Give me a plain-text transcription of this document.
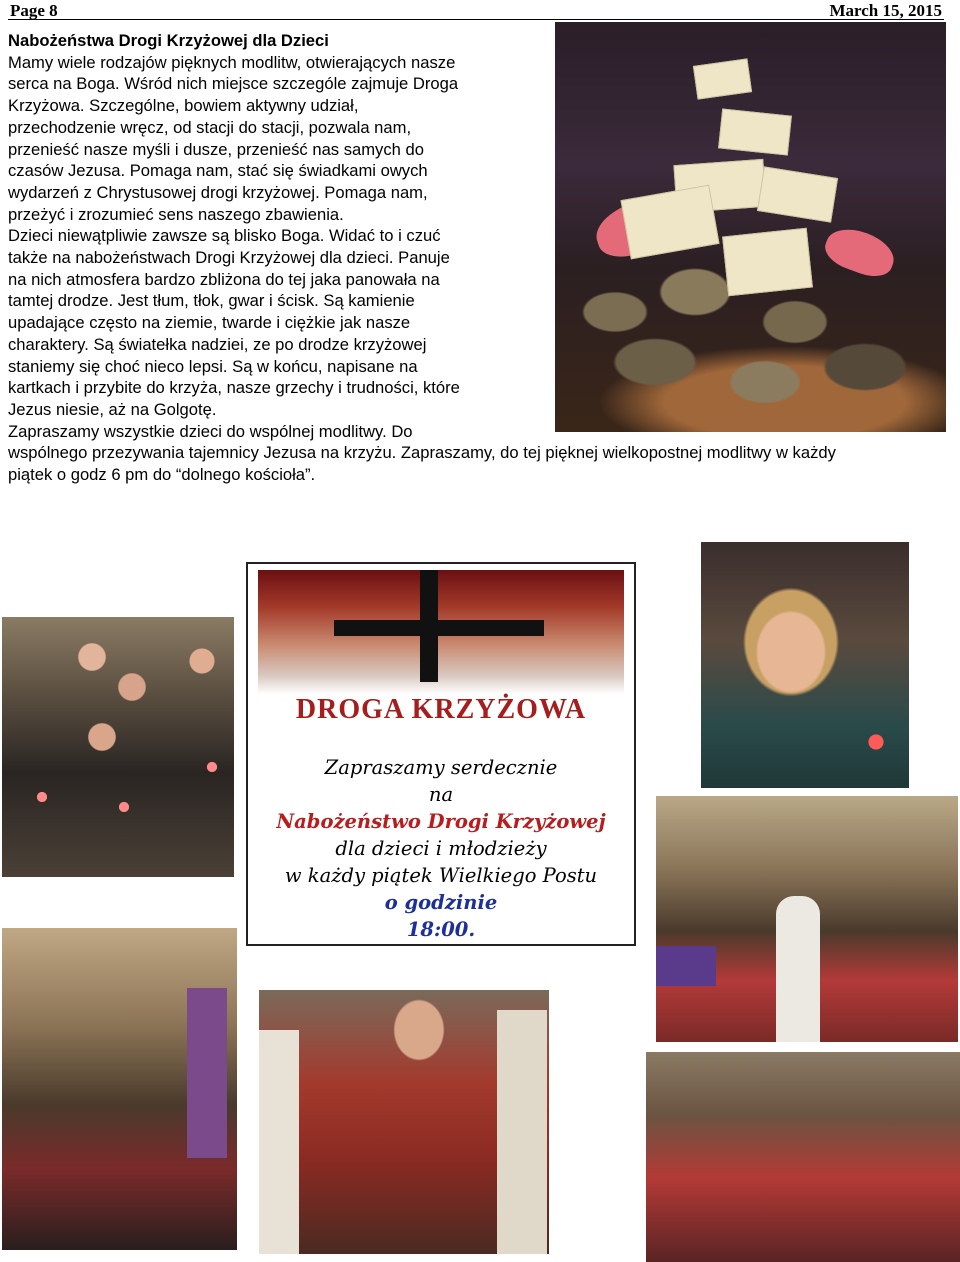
Page 8	March 15, 2015
Nabożeństwa Drogi Krzyżowej dla Dzieci

Mamy wiele rodzajów pięknych modlitw, otwierających nasze serca na Boga. Wśród nich miejsce szczególe zajmuje Droga Krzyżowa. Szczególne, bowiem aktywny udział, przechodzenie wręcz, od stacji do stacji, pozwala nam, przenieść nasze myśli i dusze, przenieść nas samych do czasów Jezusa. Pomaga nam, stać się świadkami owych wydarzeń z Chrystusowej drogi krzyżowej. Pomaga nam, przeżyć i zrozumieć sens naszego zbawienia.

Dzieci niewątpliwie zawsze są blisko Boga. Widać to i czuć także na nabożeństwach Drogi Krzyżowej dla dzieci. Panuje na nich atmosfera bardzo zbliżona do tej jaka panowała na tamtej drodze. Jest tłum, tłok, gwar i ścisk. Są kamienie upadające często na ziemie, twarde i ciężkie jak nasze charaktery. Są światełka nadziei, ze po drodze krzyżowej staniemy się choć nieco lepsi. Są w końcu, napisane na kartkach i przybite do krzyża, nasze grzechy i trudności, które Jezus niesie, aż na Golgotę.

Zapraszamy wszystkie dzieci do wspólnej modlitwy. Do wspólnego przezywania tajemnicy Jezusa na krzyżu. Zapraszamy, do tej pięknej wielkopostnej modlitwy w każdy piątek o godz 6 pm do “dolnego kościoła”.

DROGA KRZYŻOWA
Zapraszamy serdecznie
na
Nabożeństwo Drogi Krzyżowej
dla dzieci i młodzieży
w każdy piątek Wielkiego Postu
o godzinie
18:00.
